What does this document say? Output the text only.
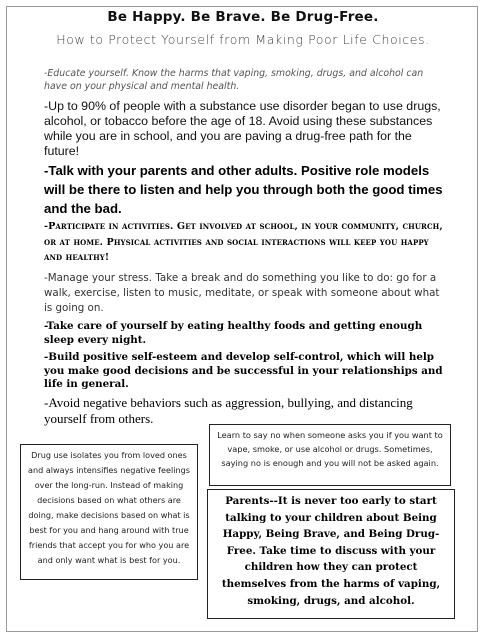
Be Happy. Be Brave. Be Drug-Free.
How to Protect Yourself from Making Poor Life Choices.

-Educate yourself. Know the harms that vaping, smoking, drugs, and alcohol can have on your physical and mental health.

-Up to 90% of people with a substance use disorder began to use drugs, alcohol, or tobacco before the age of 18. Avoid using these substances while you are in school, and you are paving a drug-free path for the future!

-Talk with your parents and other adults. Positive role models will be there to listen and help you through both the good times and the bad.

-Participate in activities. Get involved at school, in your community, church, or at home. Physical activities and social interactions will keep you happy and healthy!

-Manage your stress. Take a break and do something you like to do: go for a walk, exercise, listen to music, meditate, or speak with someone about what is going on.

-Take care of yourself by eating healthy foods and getting enough sleep every night.

-Build positive self-esteem and develop self-control, which will help you make good decisions and be successful in your relationships and life in general.

-Avoid negative behaviors such as aggression, bullying, and distancing yourself from others.

Drug use isolates you from loved ones and always intensifies negative feelings over the long-run. Instead of making decisions based on what others are doing, make decisions based on what is best for you and hang around with true friends that accept you for who you are and only want what is best for you.
Learn to say no when someone asks you if you want to vape, smoke, or use alcohol or drugs. Sometimes, saying no is enough and you will not be asked again.
Parents--It is never too early to start talking to your children about Being Happy, Being Brave, and Being Drug-Free. Take time to discuss with your children how they can protect themselves from the harms of vaping, smoking, drugs, and alcohol.
